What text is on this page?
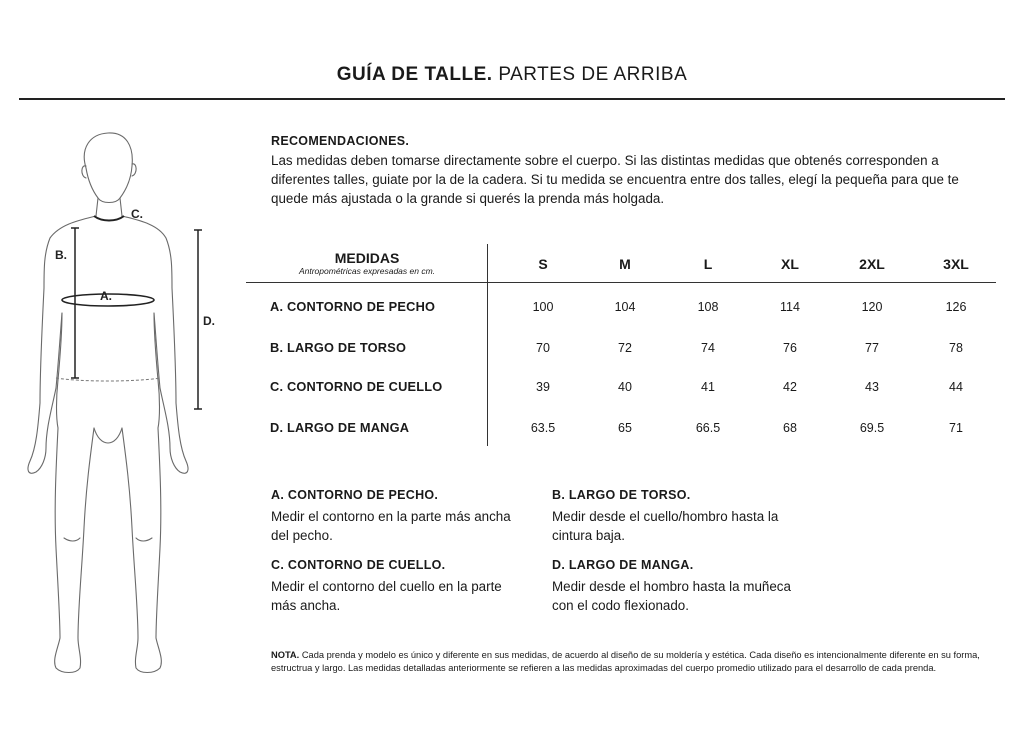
GUÍA DE TALLE. PARTES DE ARRIBA
A.
B.
C.
D.
RECOMENDACIONES.
Las medidas deben tomarse directamente sobre el cuerpo. Si las distintas medidas que obtenés corresponden a diferentes talles, guiate por la de la cadera. Si tu medida se encuentra entre dos talles, elegí la pequeña para que te quede más ajustada o la grande si querés la prenda más holgada.
MEDIDAS
Antropométricas expresadas en cm.	S	M	L	XL	2XL	3XL
A. CONTORNO DE PECHO	100	104	108	114	120	126
B. LARGO DE TORSO	70	72	74	76	77	78
C. CONTORNO DE CUELLO	39	40	41	42	43	44
D. LARGO DE MANGA	63.5	65	66.5	68	69.5	71
A. CONTORNO DE PECHO.
Medir el contorno en la parte más ancha del pecho.
B. LARGO DE TORSO.
Medir desde el cuello/hombro hasta la cintura baja.
C. CONTORNO DE CUELLO.
Medir el contorno del cuello en la parte más ancha.
D. LARGO DE MANGA.
Medir desde el hombro hasta la muñeca con el codo flexionado.
NOTA. Cada prenda y modelo es único y diferente en sus medidas, de acuerdo al diseño de su moldería y estética. Cada diseño es intencionalmente diferente en su forma, estructrua y largo. Las medidas detalladas anteriormente se refieren a las medidas aproximadas del cuerpo promedio utilizado para el desarrollo de cada prenda.
